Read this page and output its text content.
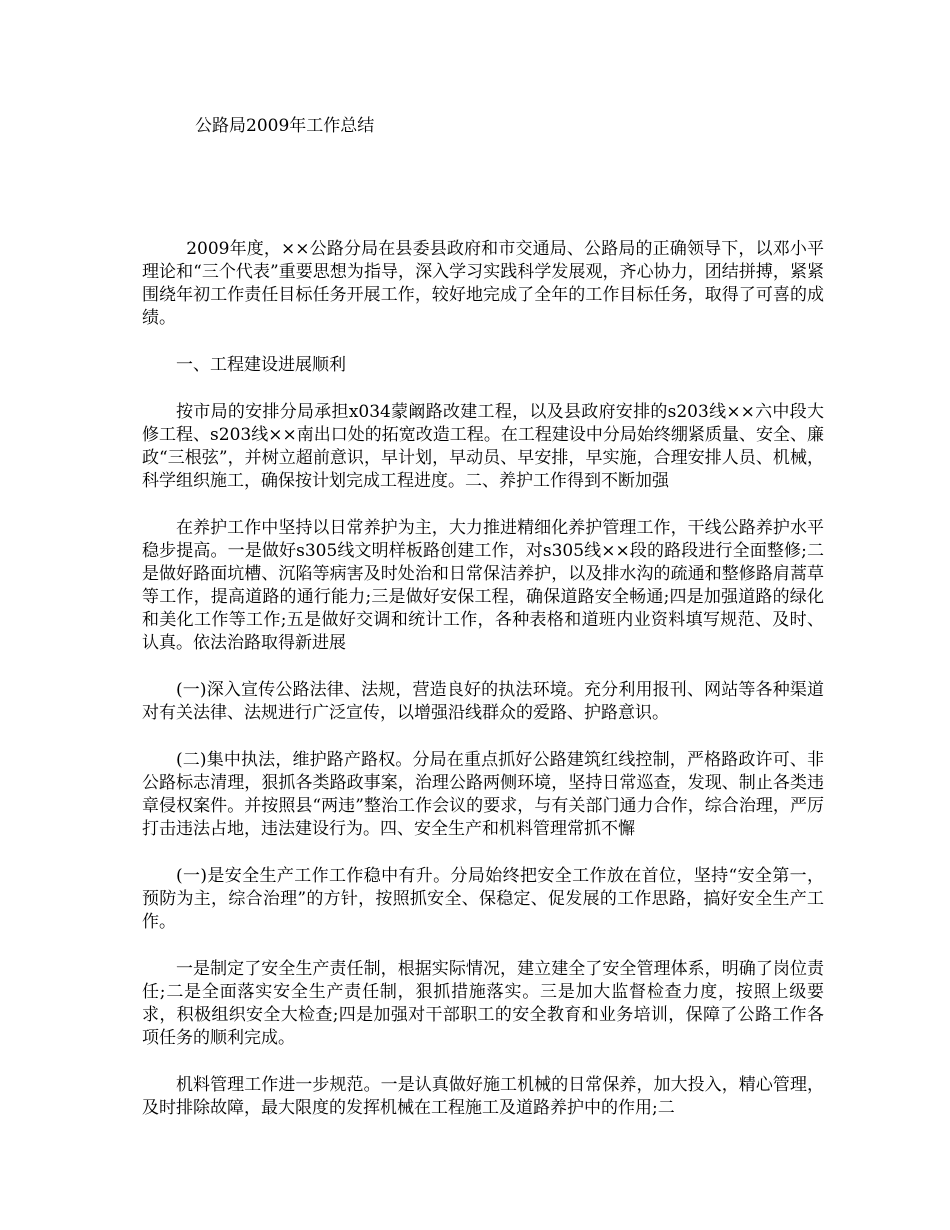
公路局2009年工作总结

2009年度，××公路分局在县委县政府和市交通局、公路局的正确领导下，以邓小平理论和“三个代表”重要思想为指导，深入学习实践科学发展观，齐心协力，团结拼搏，紧紧围绕年初工作责任目标任务开展工作，较好地完成了全年的工作目标任务，取得了可喜的成绩。

一、工程建设进展顺利

按市局的安排分局承担x034蒙阚路改建工程，以及县政府安排的s203线××六中段大修工程、s203线××南出口处的拓宽改造工程。在工程建设中分局始终绷紧质量、安全、廉政“三根弦”，并树立超前意识，早计划，早动员、早安排，早实施，合理安排人员、机械，科学组织施工，确保按计划完成工程进度。二、养护工作得到不断加强

在养护工作中坚持以日常养护为主，大力推进精细化养护管理工作，干线公路养护水平稳步提高。一是做好s305线文明样板路创建工作，对s305线××段的路段进行全面整修;二是做好路面坑槽、沉陷等病害及时处治和日常保洁养护，以及排水沟的疏通和整修路肩蒿草等工作，提高道路的通行能力;三是做好安保工程，确保道路安全畅通;四是加强道路的绿化和美化工作等工作;五是做好交调和统计工作，各种表格和道班内业资料填写规范、及时、认真。依法治路取得新进展

(一)深入宣传公路法律、法规，营造良好的执法环境。充分利用报刊、网站等各种渠道对有关法律、法规进行广泛宣传，以增强沿线群众的爱路、护路意识。

(二)集中执法，维护路产路权。分局在重点抓好公路建筑红线控制，严格路政许可、非公路标志清理，狠抓各类路政事案，治理公路两侧环境，坚持日常巡查，发现、制止各类违章侵权案件。并按照县“两违”整治工作会议的要求，与有关部门通力合作，综合治理，严厉打击违法占地，违法建设行为。四、安全生产和机料管理常抓不懈

(一)是安全生产工作工作稳中有升。分局始终把安全工作放在首位，坚持“安全第一，预防为主，综合治理”的方针，按照抓安全、保稳定、促发展的工作思路，搞好安全生产工作。

一是制定了安全生产责任制，根据实际情况，建立建全了安全管理体系，明确了岗位责任;二是全面落实安全生产责任制，狠抓措施落实。三是加大监督检查力度，按照上级要求，积极组织安全大检查;四是加强对干部职工的安全教育和业务培训，保障了公路工作各项任务的顺利完成。

机料管理工作进一步规范。一是认真做好施工机械的日常保养，加大投入，精心管理，及时排除故障，最大限度的发挥机械在工程施工及道路养护中的作用;二
